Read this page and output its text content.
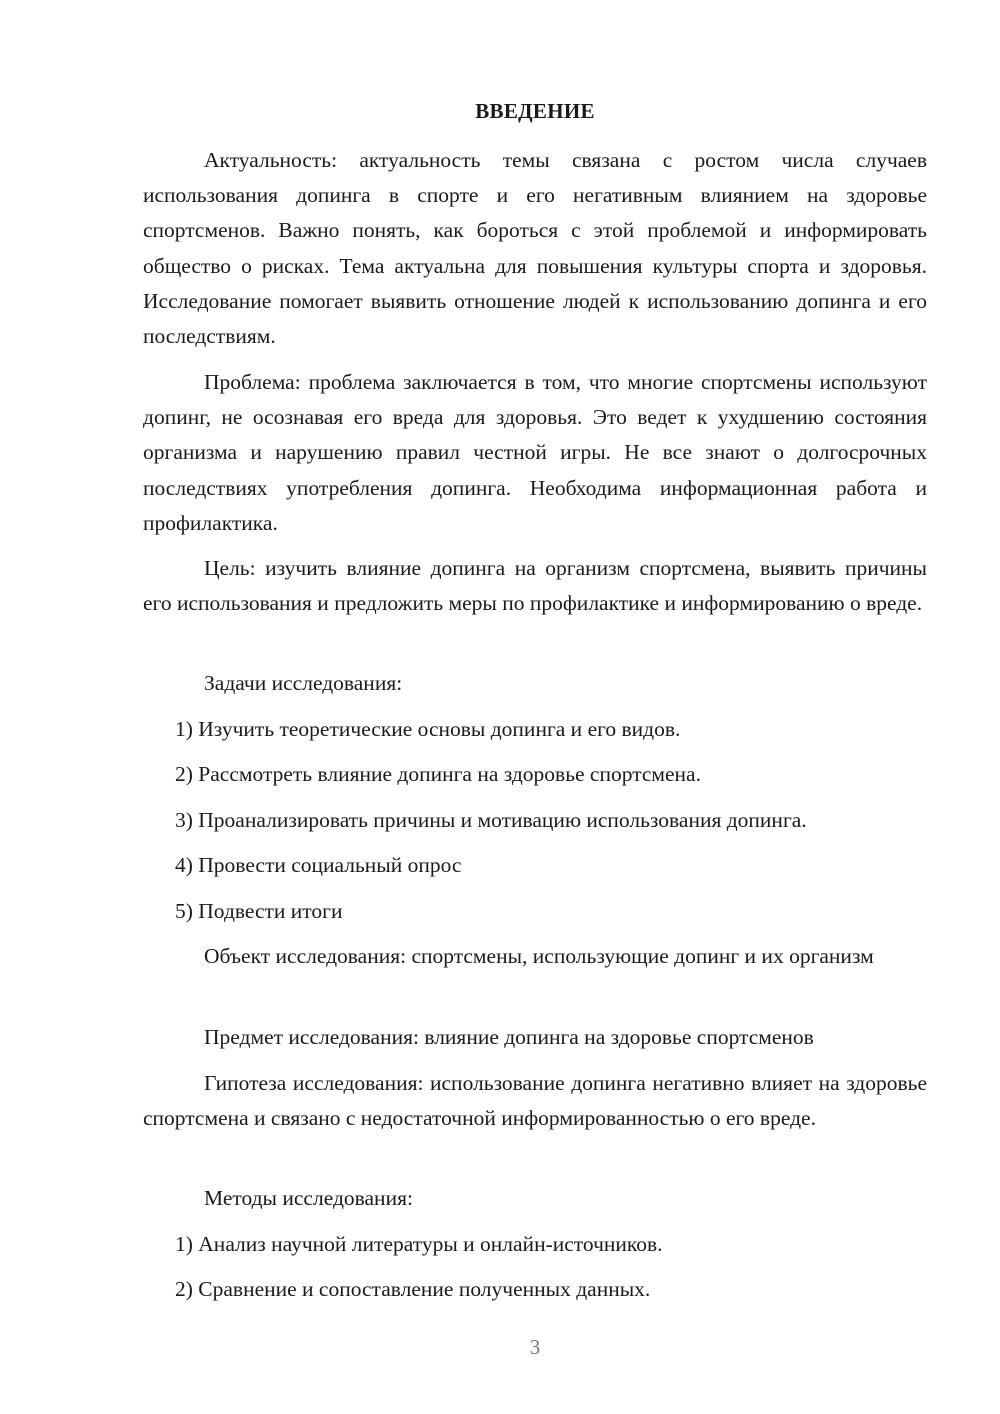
ВВЕДЕНИЕ
Актуальность: актуальность темы связана с ростом числа случаев использования допинга в спорте и его негативным влиянием на здоровье спортсменов. Важно понять, как бороться с этой проблемой и информировать общество о рисках. Тема актуальна для повышения культуры спорта и здоровья. Исследование помогает выявить отношение людей к использованию допинга и его последствиям.
Проблема: проблема заключается в том, что многие спортсмены используют допинг, не осознавая его вреда для здоровья. Это ведет к ухудшению состояния организма и нарушению правил честной игры. Не все знают о долгосрочных последствиях употребления допинга. Необходима информационная работа и профилактика.
Цель: изучить влияние допинга на организм спортсмена, выявить причины его использования и предложить меры по профилактике и информированию о вреде.
Задачи исследования:
1) Изучить теоретические основы допинга и его видов.
2) Рассмотреть влияние допинга на здоровье спортсмена.
3) Проанализировать причины и мотивацию использования допинга.
4) Провести социальный опрос
5) Подвести итоги
Объект исследования: спортсмены, использующие допинг и их организм
Предмет исследования: влияние допинга на здоровье спортсменов
Гипотеза исследования: использование допинга негативно влияет на здоровье спортсмена и связано с недостаточной информированностью о его вреде.
Методы исследования:
1) Анализ научной литературы и онлайн-источников.
2) Сравнение и сопоставление полученных данных.
3
